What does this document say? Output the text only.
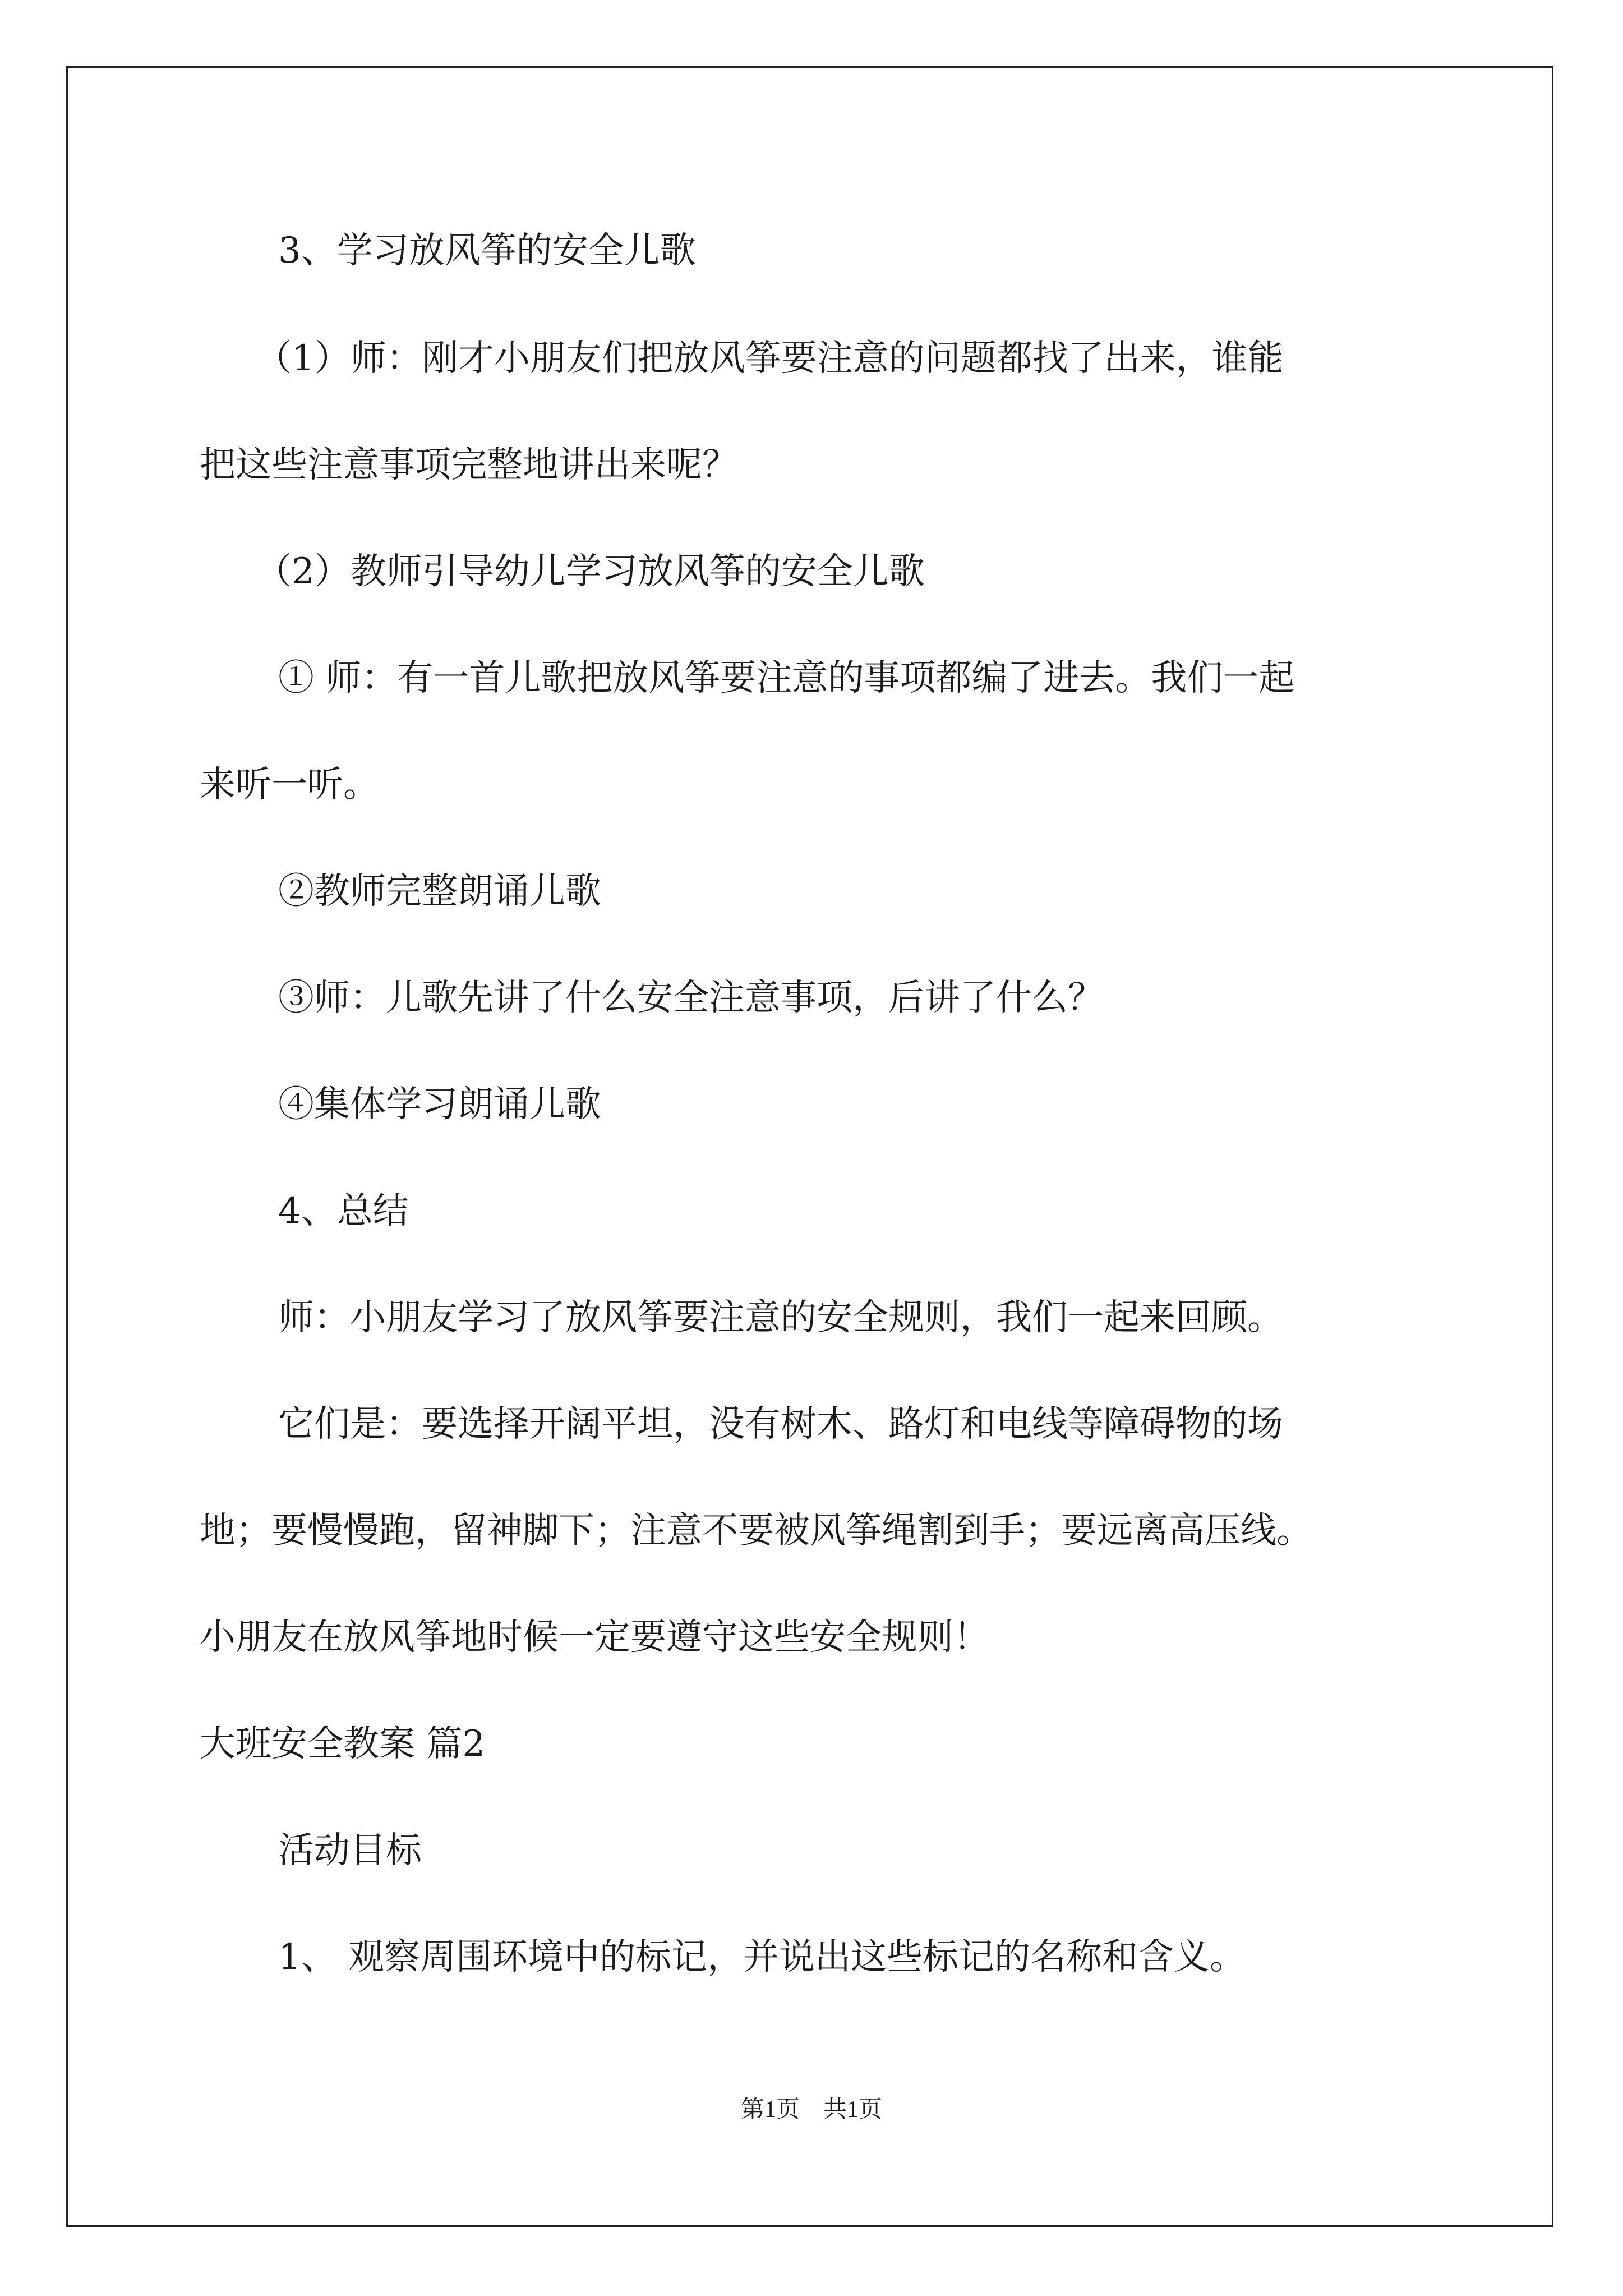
3、学习放风筝的安全儿歌
（1）师：刚才小朋友们把放风筝要注意的问题都找了出来，谁能
把这些注意事项完整地讲出来呢？
（2）教师引导幼儿学习放风筝的安全儿歌
① 师：有一首儿歌把放风筝要注意的事项都编了进去。我们一起
来听一听。
②教师完整朗诵儿歌
③师：儿歌先讲了什么安全注意事项，后讲了什么？
④集体学习朗诵儿歌
4、总结
师：小朋友学习了放风筝要注意的安全规则，我们一起来回顾。
它们是：要选择开阔平坦，没有树木、路灯和电线等障碍物的场
地；要慢慢跑，留神脚下；注意不要被风筝绳割到手；要远离高压线。
小朋友在放风筝地时候一定要遵守这些安全规则！
大班安全教案 篇2
活动目标
1、 观察周围环境中的标记，并说出这些标记的名称和含义。
第1页　共1页
